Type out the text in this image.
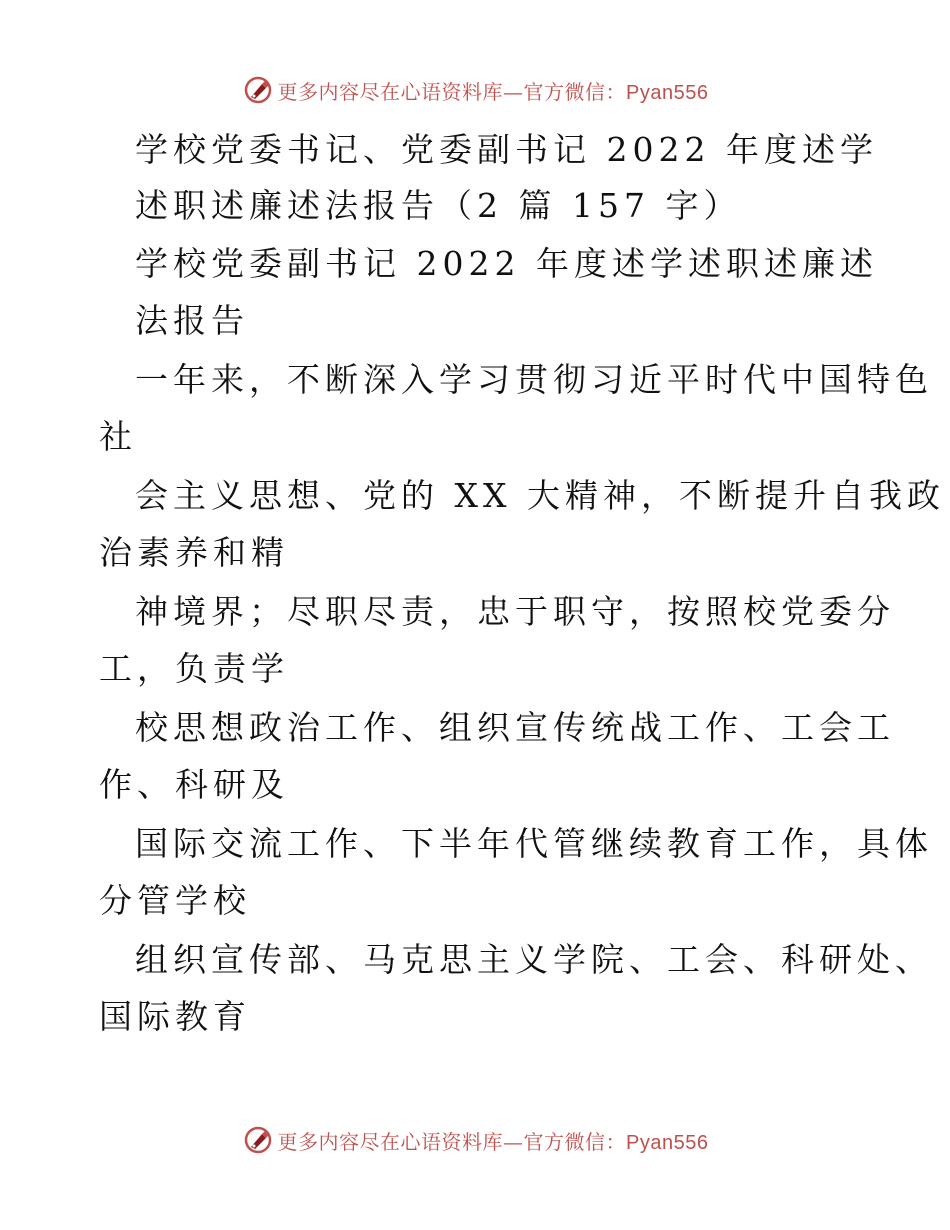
更多内容尽在心语资料库—官方微信：Pyan556
学校党委书记、党委副书记 2022 年度述学
述职述廉述法报告（2 篇 157 字）
学校党委副书记 2022 年度述学述职述廉述
法报告
一年来，不断深入学习贯彻习近平时代中国特色
社
会主义思想、党的 XX 大精神，不断提升自我政
治素养和精
神境界；尽职尽责，忠于职守，按照校党委分
工，负责学
校思想政治工作、组织宣传统战工作、工会工
作、科研及
国际交流工作、下半年代管继续教育工作，具体
分管学校
组织宣传部、马克思主义学院、工会、科研处、
国际教育
更多内容尽在心语资料库—官方微信：Pyan556
